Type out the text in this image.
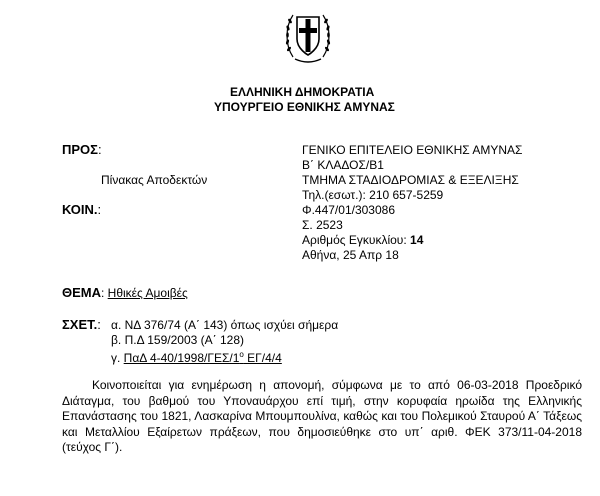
ΕΛΛΗΝΙΚΗ ΔΗΜΟΚΡΑΤΙΑ
ΥΠΟΥΡΓΕΙΟ ΕΘΝΙΚΗΣ ΑΜΥΝΑΣ
ΠΡΟΣ:
Πίνακας Αποδεκτών
ΓΕΝΙΚΟ ΕΠΙΤΕΛΕΙΟ ΕΘΝΙΚΗΣ ΑΜΥΝΑΣ
Β΄ ΚΛΑΔΟΣ/Β1
ΤΜΗΜΑ ΣΤΑΔΙΟΔΡΟΜΙΑΣ & ΕΞΕΛΙΞΗΣ
Τηλ.(εσωτ.): 210 657-5259
ΚΟΙΝ.:	Φ.447/01/303086
Σ. 2523
Αριθμός Εγκυκλίου: 14
Αθήνα, 25 Απρ 18
ΘΕΜΑ: Ηθικές Αμοιβές
ΣΧΕΤ.: α. ΝΔ 376/74 (Α΄ 143) όπως ισχύει σήμερα
β. Π.Δ 159/2003 (Α΄ 128)
γ. ΠαΔ $4-40/1998/\Gamma E\Sigma/1^o$ ΕΓ/4/4
Κοινοποιείται για ενημέρωση η απονομή, σύμφωνα με το από 06-03-2018 Προεδρικό Διάταγμα, του βαθμού του Υποναυάρχου επί τιμή, στην κορυφαία ηρωίδα της Ελληνικής Επανάστασης του 1821, Λασκαρίνα Μπουμπουλίνα, καθώς και του Πολεμικού Σταυρού Α΄ Τάξεως και Μεταλλίου Εξαίρετων πράξεων, που δημοσιεύθηκε στο υπ΄ αριθ. ΦΕΚ 373/11-04-2018 (τεύχος Γ΄).
